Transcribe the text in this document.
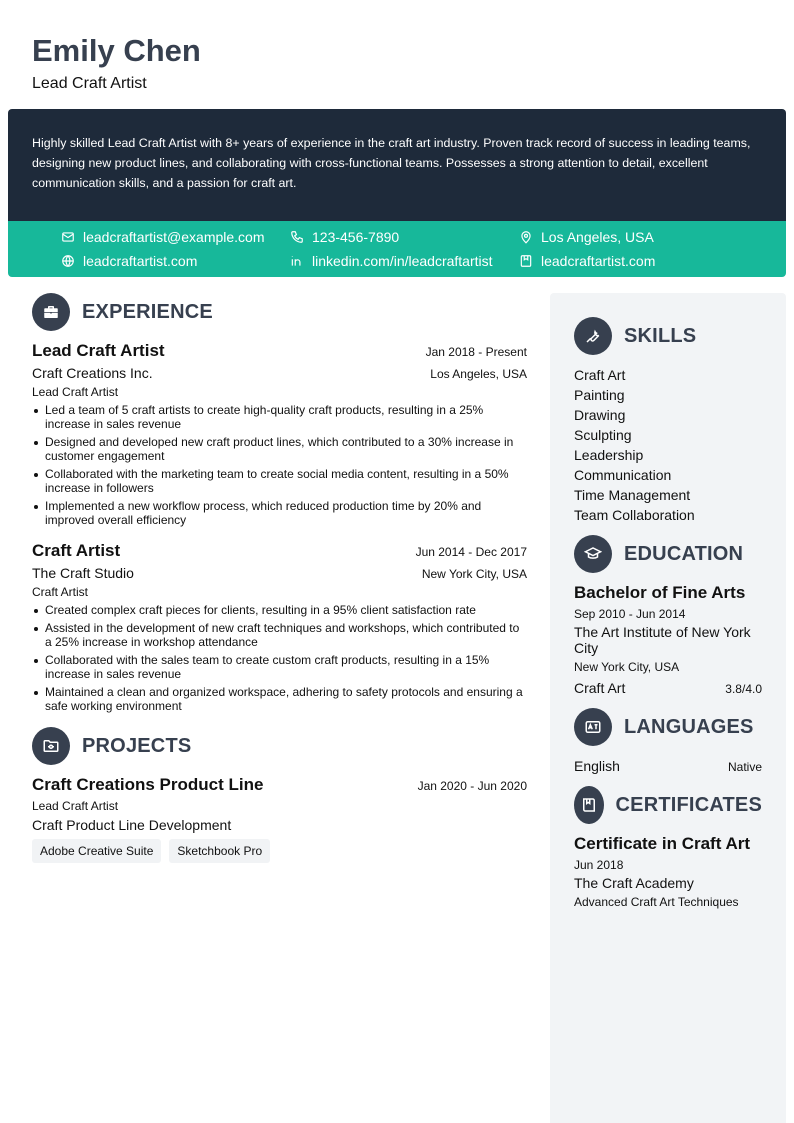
Emily Chen
Lead Craft Artist

Highly skilled Lead Craft Artist with 8+ years of experience in the craft art industry. Proven track record of success in leading teams, designing new product lines, and collaborating with cross-functional teams. Possesses a strong attention to detail, excellent communication skills, and a passion for craft art.

leadcraftartist@example.com	123-456-7890	Los Angeles, USA
leadcraftartist.com	linkedin.com/in/leadcraftartist	leadcraftartist.com
EXPERIENCE
Lead Craft Artist	Jan 2018 - Present
Craft Creations Inc.	Los Angeles, USA
Lead Craft Artist
Led a team of 5 craft artists to create high-quality craft products, resulting in a 25% increase in sales revenue
Designed and developed new craft product lines, which contributed to a 30% increase in customer engagement
Collaborated with the marketing team to create social media content, resulting in a 50% increase in followers
Implemented a new workflow process, which reduced production time by 20% and improved overall efficiency
Craft Artist	Jun 2014 - Dec 2017
The Craft Studio	New York City, USA
Craft Artist
Created complex craft pieces for clients, resulting in a 95% client satisfaction rate
Assisted in the development of new craft techniques and workshops, which contributed to a 25% increase in workshop attendance
Collaborated with the sales team to create custom craft products, resulting in a 15% increase in sales revenue
Maintained a clean and organized workspace, adhering to safety protocols and ensuring a safe working environment
PROJECTS
Craft Creations Product Line	Jan 2020 - Jun 2020
Lead Craft Artist
Craft Product Line Development
Adobe Creative Suite	Sketchbook Pro
SKILLS
Craft Art
Painting
Drawing
Sculpting
Leadership
Communication
Time Management
Team Collaboration
EDUCATION
Bachelor of Fine Arts
Sep 2010 - Jun 2014
The Art Institute of New York City
New York City, USA
Craft Art	3.8/4.0
LANGUAGES
English	Native
CERTIFICATES
Certificate in Craft Art
Jun 2018
The Craft Academy
Advanced Craft Art Techniques
